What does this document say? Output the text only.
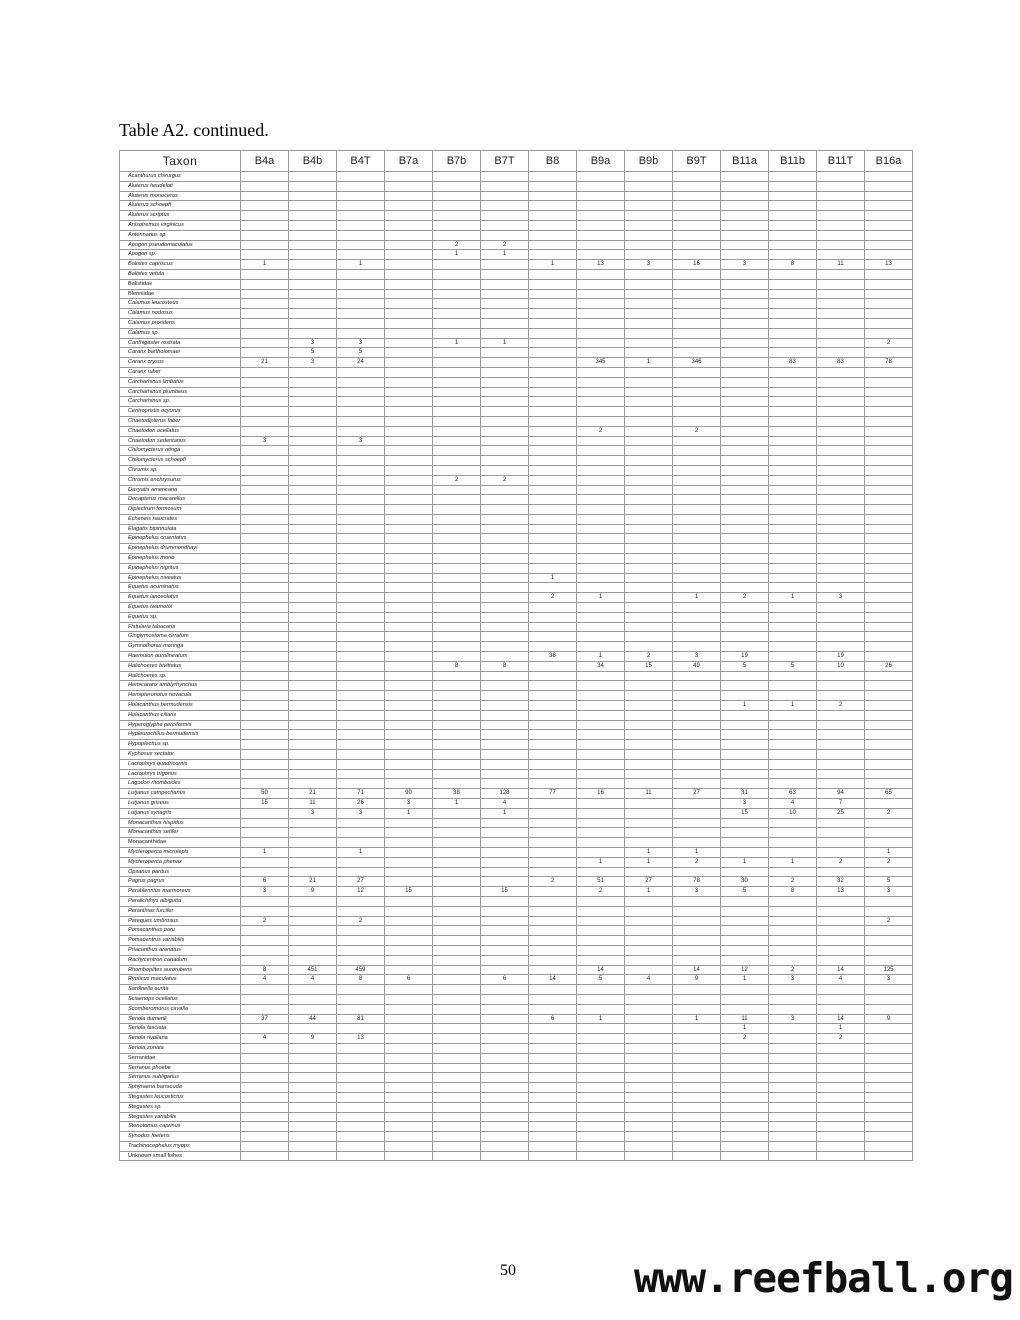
Table A2. continued.
Taxon	B4a	B4b	B4T	B7a	B7b	B7T	B8	B9a	B9b	B9T	B11a	B11b	B11T	B16a
Acanthurus chirurgus														
Aluterus heudeloti														
Aluterus monoceros														
Aluterus schoepfi														
Aluterus scriptus														
Anisotremus virginicus														
Antennarius sp.														
Apogon pseudomaculatus					2	2								
Apogon sp.					1	1								
Balistes capriscus	1		1				1	13	3	16	3	8	11	13
Balistes vetula														
Balistidae														
Blenniidae														
Calamus leucosteus														
Calamus nodosus														
Calamus proridens														
Calamus sp.														
Canthigaster rostrata		3	3		1	1								2
Caranx bartholomaei		5	5											
Caranx crysos	21	3	24					345	1	346		83	83	78
Caranx ruber														
Carcharhinus limbatus														
Carcharhinus plumbeus														
Carcharhinus sp.														
Centropristis ocyurus														
Chaetodipterus faber														
Chaetodon ocellatus								2		2				
Chaetodon sedentarius	3		3											
Chilomycterus atinga														
Chilomycterus schoepfi														
Chromis sp.														
Chromis enchrysurus					2	2								
Dasyatis americana														
Decapterus macarellus														
Diplectrum formosum														
Echeneis naucrates														
Elagatis bipinnulata														
Epinephelus cruentatus														
Epinephelus drummondhayi														
Epinephelus morio														
Epinephelus nigritus														
Epinephelus niveatus							1							
Equetus acuminatus														
Equetus lanceolatus							2	1		1	2	1	3	
Equetus iwamotoi														
Equetus sp.														
Fistularia tabacaria														
Ginglymostoma cirratum														
Gymnothorax moringa														
Haemulon aurolineatum							38	1	2	3	19		19	
Halichoeres bivittatus					8	8		34	15	49	5	5	10	26
Halichoeres sp.														
Hemicaranx amblyrhynchus														
Hemipteronotus novacula														
Holacanthus bermudensis											1	1	2	
Holacanthus ciliaris														
Hyperoglyphe perciformis														
Hypleurochilus bermudensis														
Hypoplectrus sp.														
Kyphosus sectator														
Lactophrys quadricornis														
Lactophrys trigonus														
Lagodon rhomboides														
Lutjanus campechanus	50	21	71	90	38	128	77	16	11	27	31	63	94	65
Lutjanus griseus	15	11	26	3	1	4					3	4	7	
Lutjanus synagris		3	3	1		1					15	10	25	2
Monacanthus hispidus														
Monacanthus setifer														
Monacanthidae														
Mycteroperca microlepis	1		1						1	1				1
Mycteroperca phenax								1	1	2	1	1	2	2
Opsanus pardus														
Pagrus pagrus	6	21	27				2	51	27	78	30	2	32	5
Parablennius marmoreus	3	9	12	15		15		2	1	3	5	8	13	3
Paralichthys albigutta														
Paranthias furcifer														
Pareques umbrosus	2		2											2
Pomacanthus paru														
Pomacentrus variabilis														
Priacanthus arenatus														
Rachycentron canadum														
Rhomboplites aurorubens	8	451	459					14		14	12	2	14	125
Rypticus maculatus	4	4	8	6		6	14	5	4	9	1	3	4	3
Sardinella aurita														
Sciaenops ocellatus														
Scomberomorus cavalla														
Seriola dumerili	37	44	81				6	1		1	11	3	14	9
Seriola fasciata											1		1	
Seriola rivoliana	4	9	13								2		2	
Seriola zonata														
Serranidae														
Serranus phoebe														
Serranus subligarius														
Sphyraena barracuda														
Stegastes leucostictus														
Stegastes sp.														
Stegastes variabilis														
Stenotomus caprinus														
Synodus foetens														
Trachinocephalus myops														
Unknown small fishes														
50	www.reefball.org
